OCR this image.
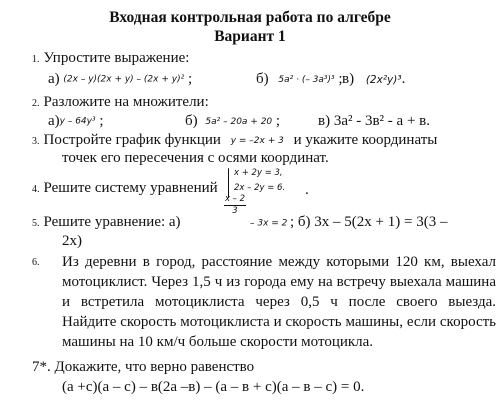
Входная контрольная работа по алгебре
Вариант 1
1. Упростите выражение:
а) (2x – y)(2x + y) – (2x + y)² ;	б) 5a² · (– 3a³)³ ; в) (2x²y)³.
2. Разложите на множители:
а)y – 64y³ ;	б) 5a² – 20a + 20 ;	в) 3a² - 3в² - а + в.
3. Постройте график функции y = –2x + 3 и укажите координаты
точек его пересечения с осями координат.
4. Решите систему уравнений
x + 2y = 3,
2x – 2y = 6. .
5. Решите уравнение: а)
$\frac{x - 2}{3}$
– 3x = 2 ; б) 3х – 5(2х + 1) = 3(3 –
2х)
6.	Из деревни в город, расстояние между которыми 120 км, выехал мотоциклист. Через 1,5 ч из города ему на встречу выехала машина и встретила мотоциклиста через 0,5 ч после своего выезда. Найдите скорость мотоциклиста и скорость машины, если скорость машины на 10 км/ч больше скорости мотоцикла.
7*. Докажите, что верно равенство
(а +с)(а – с) – в(2а –в) – (а – в + с)(а – в – с) = 0.
